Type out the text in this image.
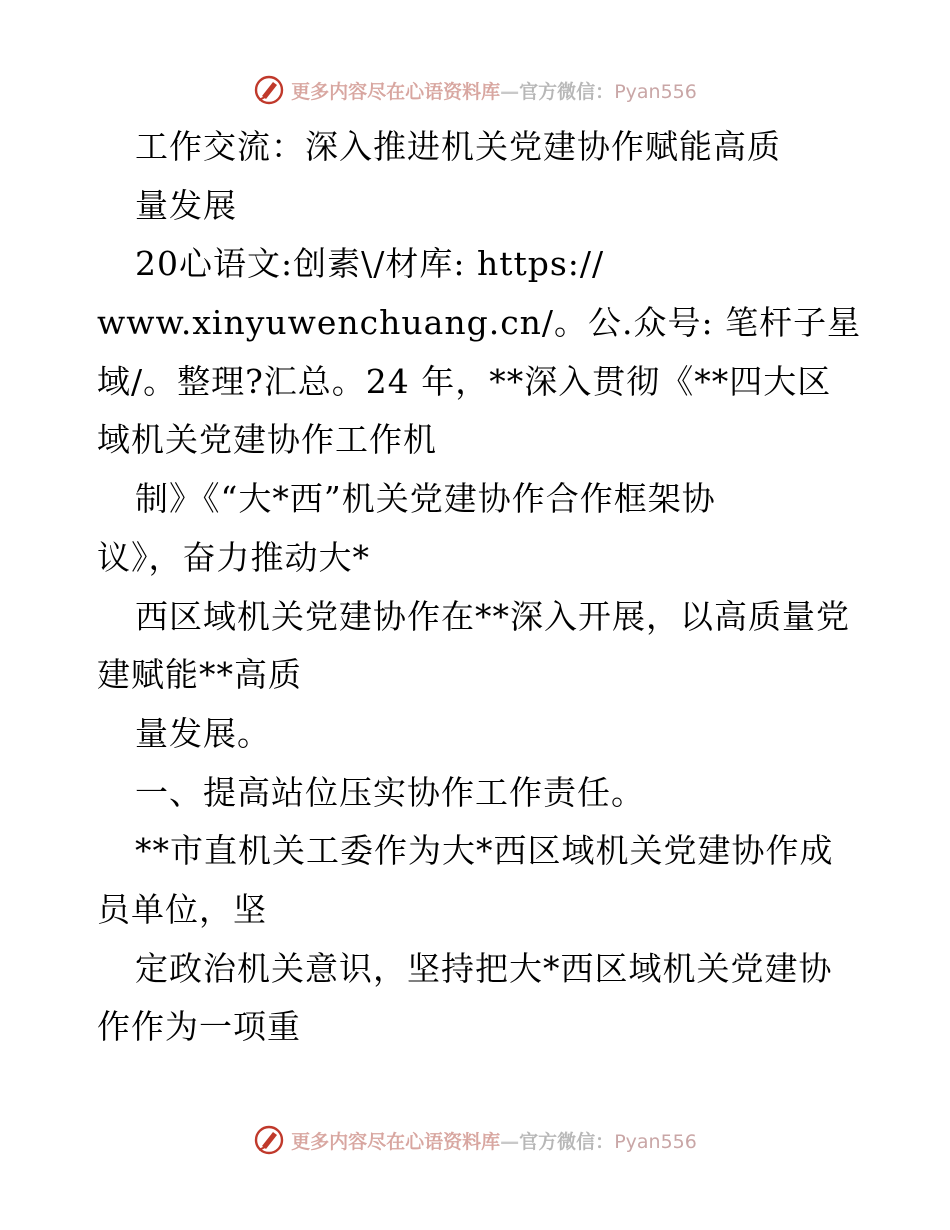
更多内容尽在心语资料库—官方微信：Pyan556
工作交流：深入推进机关党建协作赋能高质
量发展
20心语文:创素\/材库: https://
www.xinyuwenchuang.cn/。公.众号: 笔杆子星
域/。整理?汇总。24 年，**深入贯彻《**四大区
域机关党建协作工作机
制》《“大*西”机关党建协作合作框架协
议》，奋力推动大*
西区域机关党建协作在**深入开展，以高质量党
建赋能**高质
量发展。
一、提高站位压实协作工作责任。
**市直机关工委作为大*西区域机关党建协作成
员单位，坚
定政治机关意识，坚持把大*西区域机关党建协
作作为一项重
更多内容尽在心语资料库—官方微信：Pyan556
